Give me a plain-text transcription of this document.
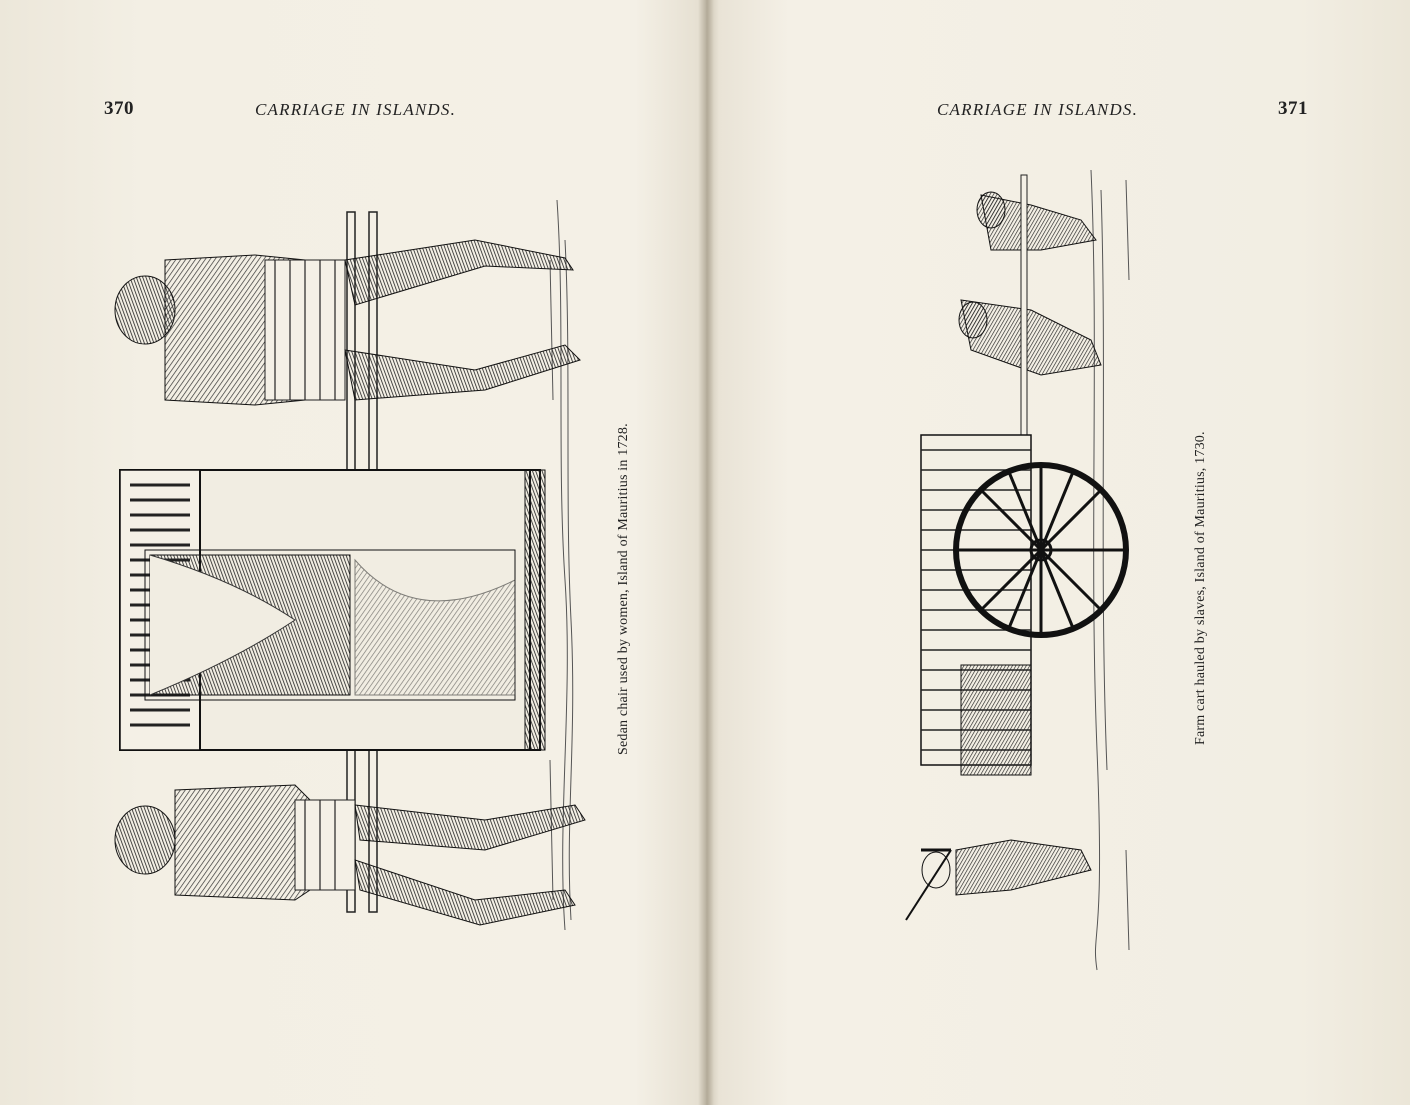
370	CARRIAGE IN ISLANDS.
Sedan chair used by women, Island of Mauritius in 1728.
CARRIAGE IN ISLANDS.	371
Farm cart hauled by slaves, Island of Mauritius, 1730.
